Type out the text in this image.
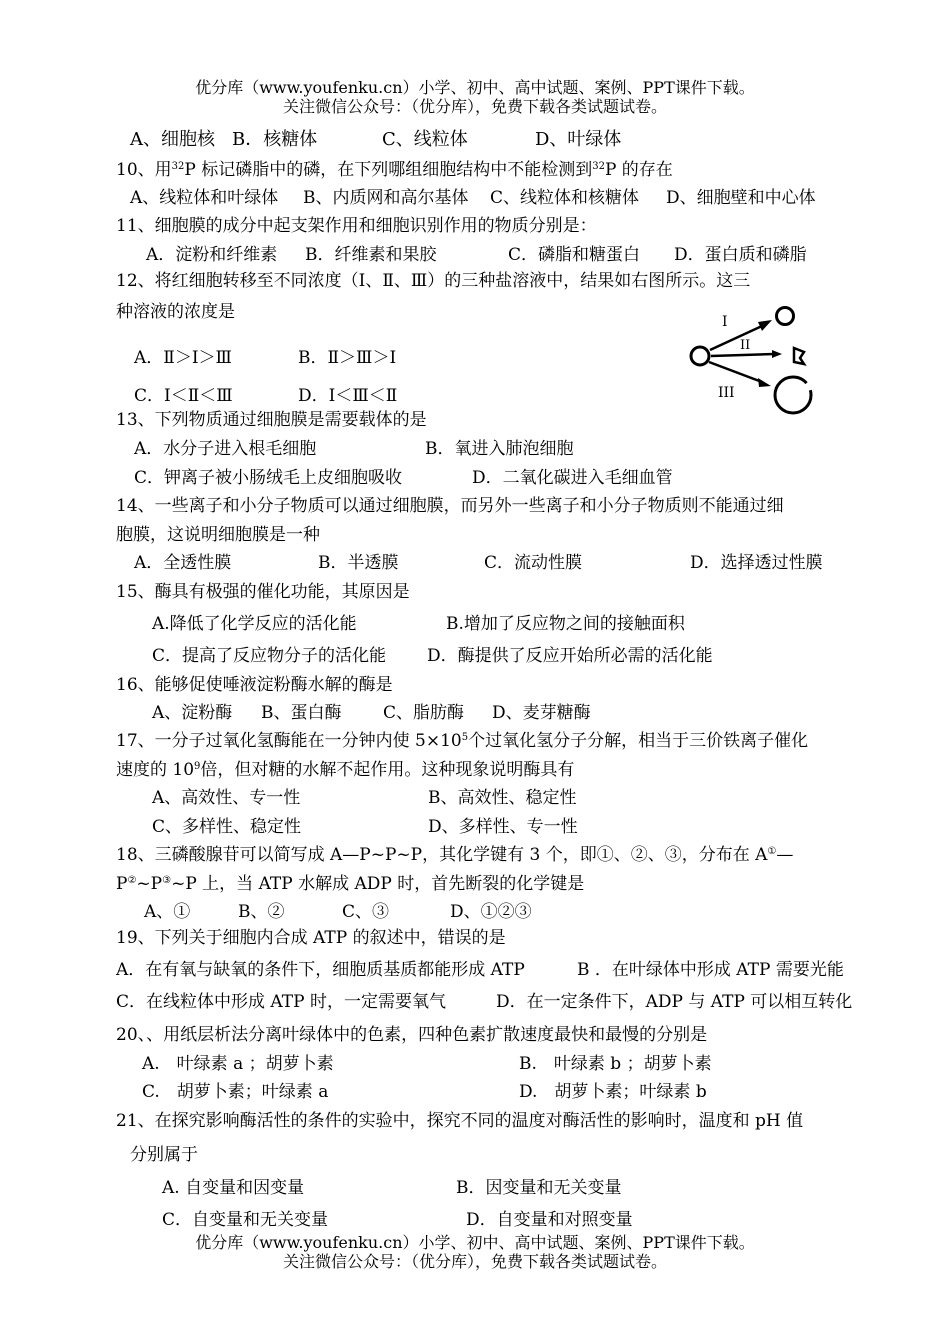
优分库（www.youfenku.cn）小学、初中、高中试题、案例、PPT课件下载。
关注微信公众号：（优分库），免费下载各类试题试卷。
A、细胞核 B．核糖体	C、线粒体	D、叶绿体
10、用$^{32}$P 标记磷脂中的磷，在下列哪组细胞结构中不能检测到$^{32}$P 的存在
A、线粒体和叶绿体 B、内质网和高尔基体 C、线粒体和核糖体 D、细胞壁和中心体
11、细胞膜的成分中起支架作用和细胞识别作用的物质分别是：
A．淀粉和纤维素 B．纤维素和果胶	C．磷脂和糖蛋白 D．蛋白质和磷脂
12、将红细胞转移至不同浓度（Ⅰ、Ⅱ、Ⅲ）的三种盐溶液中，结果如右图所示。这三
种溶液的浓度是
A．Ⅱ＞Ⅰ＞Ⅲ	B．Ⅱ＞Ⅲ＞Ⅰ
C．Ⅰ＜Ⅱ＜Ⅲ	D．Ⅰ＜Ⅲ＜Ⅱ
I
II
III
13、下列物质通过细胞膜是需要载体的是
A．水分子进入根毛细胞	B．氧进入肺泡细胞
C．钾离子被小肠绒毛上皮细胞吸收	D．二氧化碳进入毛细血管
14、一些离子和小分子物质可以通过细胞膜，而另外一些离子和小分子物质则不能通过细
胞膜，这说明细胞膜是一种
A．全透性膜	B．半透膜	C．流动性膜	D．选择透过性膜
15、酶具有极强的催化功能，其原因是
A.降低了化学反应的活化能	B.增加了反应物之间的接触面积
C．提高了反应物分子的活化能 D．酶提供了反应开始所必需的活化能
16、能够促使唾液淀粉酶水解的酶是
A、淀粉酶 B、蛋白酶 C、脂肪酶 D、麦芽糖酶
17、一分子过氧化氢酶能在一分钟内使 $5\times 10^5$个过氧化氢分子分解，相当于三价铁离子催化
速度的 $10^9$倍，但对糖的水解不起作用。这种现象说明酶具有
A、高效性、专一性	B、高效性、稳定性
C、多样性、稳定性	D、多样性、专一性
18、三磷酸腺苷可以简写成 A—P~P~P，其化学键有 3 个，即①、②、③，分布在 A①—
P②~P③~P 上，当 ATP 水解成 ADP 时，首先断裂的化学键是
A、①	B、②	C、③	D、①②③
19、下列关于细胞内合成 ATP 的叙述中，错误的是
A．在有氧与缺氧的条件下，细胞质基质都能形成 ATP	B ．在叶绿体中形成 ATP 需要光能
C．在线粒体中形成 ATP 时，一定需要氧气	D．在一定条件下，ADP 与 ATP 可以相互转化
20、、用纸层析法分离叶绿体中的色素，四种色素扩散速度最快和最慢的分别是
A.　叶绿素 a ；胡萝卜素	B.　叶绿素 b ；胡萝卜素
C.　胡萝卜素；叶绿素 a	D.　胡萝卜素；叶绿素 b
21、在探究影响酶活性的条件的实验中，探究不同的温度对酶活性的影响时，温度和 pH 值
分别属于
A. 自变量和因变量	B．因变量和无关变量
C．自变量和无关变量	D．自变量和对照变量
优分库（www.youfenku.cn）小学、初中、高中试题、案例、PPT课件下载。
关注微信公众号：（优分库），免费下载各类试题试卷。
